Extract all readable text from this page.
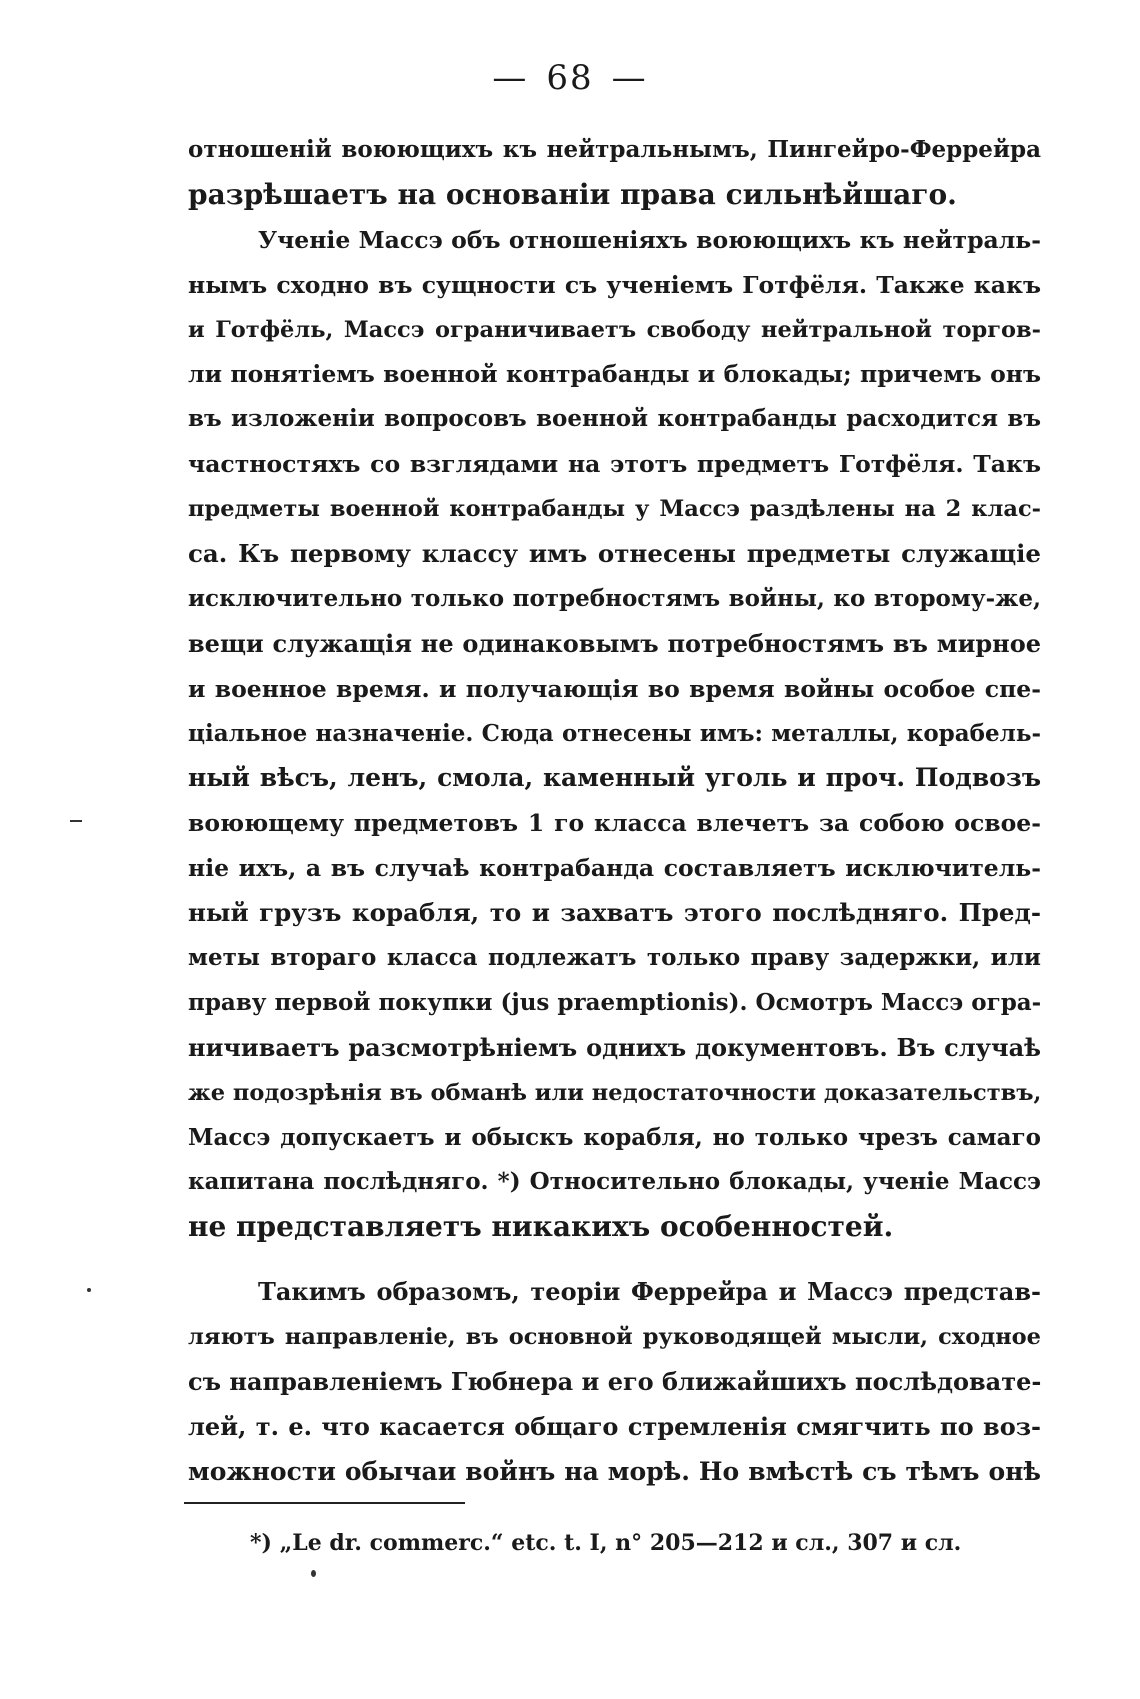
— 68 —
отношенiй воюющихъ къ нейтральнымъ, Пингейро-Феррейра
разрѣшаетъ на основанiи права сильнѣйшаго.
Ученiе Массэ объ отношенiяхъ воюющихъ къ нейтраль-
нымъ сходно въ сущности съ ученiемъ Готфёля. Также какъ
и Готфёль, Массэ ограничиваетъ свободу нейтральной торгов-
ли понятiемъ военной контрабанды и блокады; причемъ онъ
въ изложенiи вопросовъ военной контрабанды расходится въ
частностяхъ со взглядами на этотъ предметъ Готфёля. Такъ
предметы военной контрабанды у Массэ раздѣлены на 2 клас-
са. Къ первому классу имъ отнесены предметы служащiе
исключительно только потребностямъ войны, ко второму-же,
вещи служащiя не одинаковымъ потребностямъ въ мирное
и военное время. и получающiя во время войны особое спе-
цiальное назначенiе. Сюда отнесены имъ: металлы, корабель-
ный вѣсъ, ленъ, смола, каменный уголь и проч. Подвозъ
воюющему предметовъ 1 го класса влечетъ за собою освое-
нiе ихъ, а въ случаѣ контрабанда составляетъ исключитель-
ный грузъ корабля, то и захватъ этого послѣдняго. Пред-
меты втораго класса подлежатъ только праву задержки, или
праву первой покупки (jus praemptionis). Осмотръ Массэ огра-
ничиваетъ разсмотрѣнiемъ однихъ документовъ. Въ случаѣ
же подозрѣнiя въ обманѣ или недостаточности доказательствъ,
Массэ допускаетъ и обыскъ корабля, но только чрезъ самаго
капитана послѣдняго. *) Относительно блокады, ученiе Массэ
не представляетъ никакихъ особенностей.
Такимъ образомъ, теорiи Феррейра и Массэ представ-
ляютъ направленiе, въ основной руководящей мысли, сходное
съ направленiемъ Гюбнера и его ближайшихъ послѣдовате-
лей, т. е. что касается общаго стремленiя смягчить по воз-
можности обычаи войнъ на морѣ. Но вмѣстѣ съ тѣмъ онѣ
*) „Le dr. commerc.“ etc. t. I, n° 205—212 и сл., 307 и сл.
